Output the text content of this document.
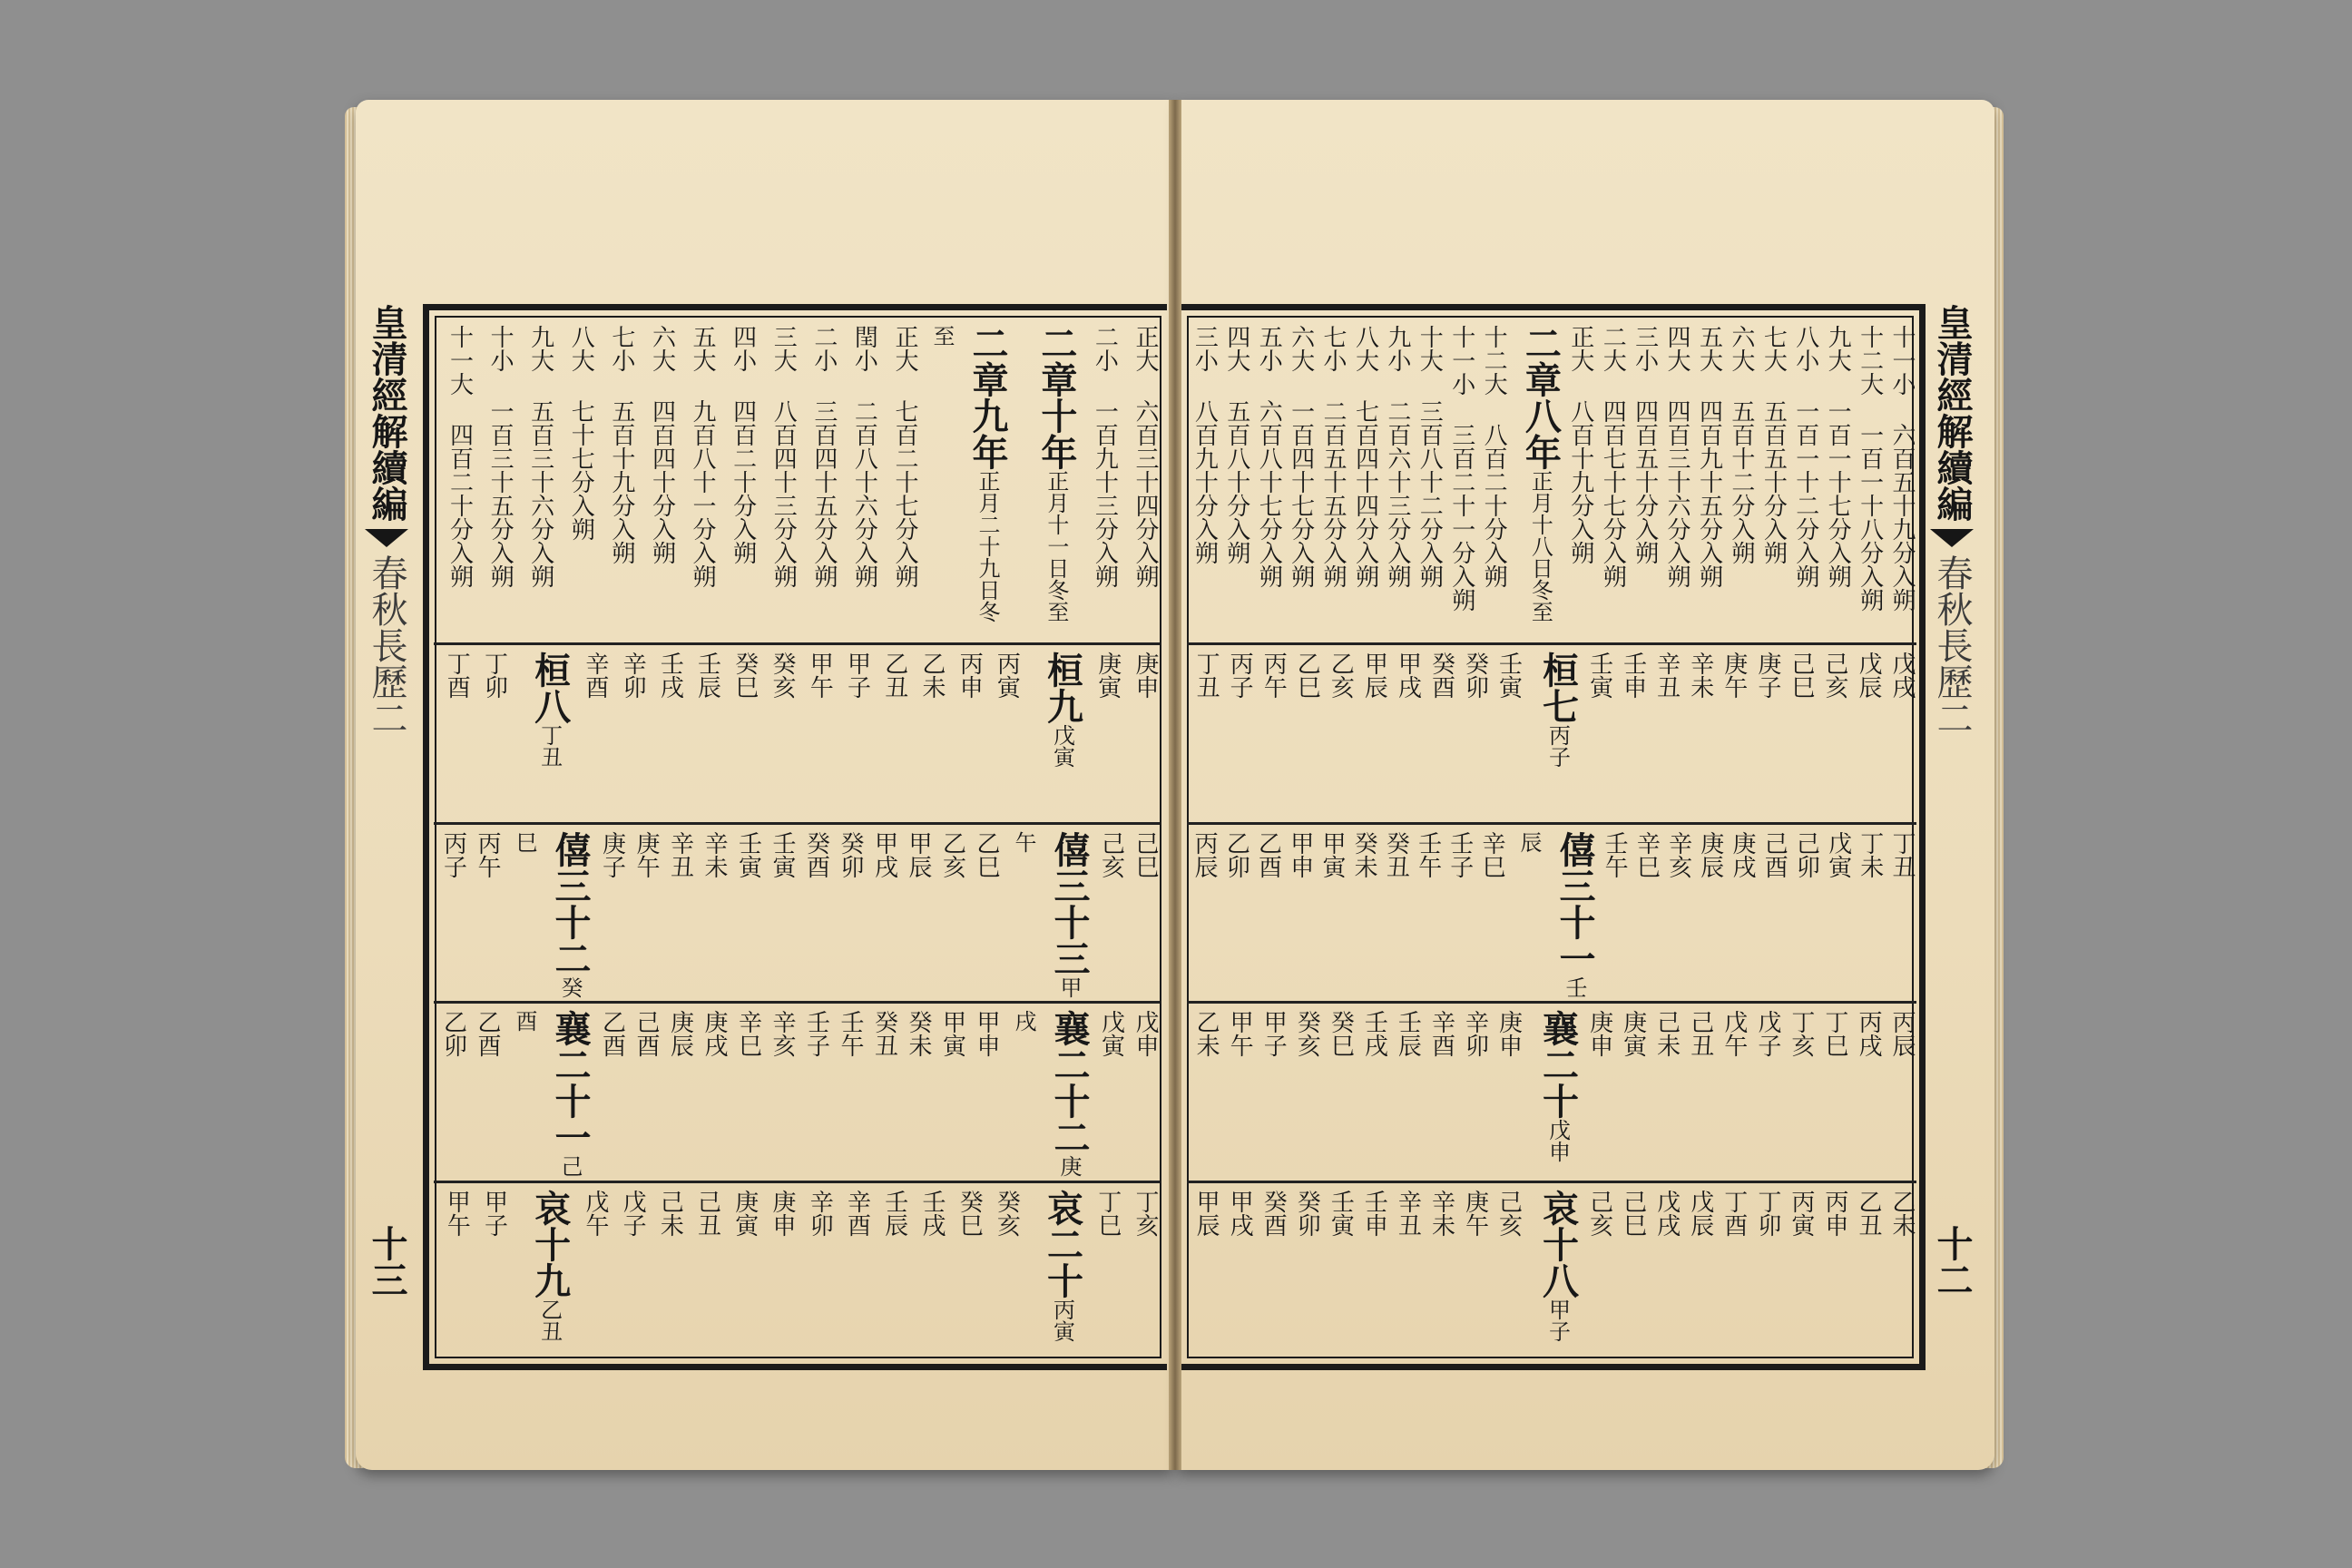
皇清經解續編
春秋長歷二
十三
皇清經解續編
春秋長歷二
十二
正大 六百三十四分入朔
二小 一百九十三分入朔
二章十年正月十一日冬至
二章九年正月二十九日冬至
正大 七百二十七分入朔
閏小 二百八十六分入朔
二小 三百四十五分入朔
三大 八百四十三分入朔
四小 四百二十分入朔
五大 九百八十一分入朔
六大 四百四十分入朔
七小 五百十九分入朔
八大 七十七分入朔
九大 五百三十六分入朔
十小 一百三十五分入朔
十一大 四百二十分入朔
庚申
庚寅
桓九戊寅
丙寅
丙申
乙未
乙丑
甲子
甲午
癸亥
癸巳
壬辰
壬戌
辛卯
辛酉
桓八丁丑
丁卯
丁酉
己巳
己亥
僖三十三甲午
乙巳
乙亥
甲辰
甲戌
癸卯
癸酉
壬寅
壬寅
辛未
辛丑
庚午
庚子
僖三十二癸巳
丙午
丙子
戊申
戊寅
襄二十二庚戌
甲申
甲寅
癸未
癸丑
壬午
壬子
辛亥
辛巳
庚戌
庚辰
己酉
乙酉
襄二十一己酉
乙酉
乙卯
丁亥
丁巳
哀二十丙寅
癸亥
癸巳
壬戌
壬辰
辛酉
辛卯
庚申
庚寅
己丑
己未
戊子
戊午
哀十九乙丑
甲子
甲午
十一小 六百五十九分入朔
十二大 一百一十八分入朔
九大 一百一十七分入朔
八小 一百一十二分入朔
七大 五百五十分入朔
六大 五百十二分入朔
五大 四百九十五分入朔
四大 四百三十六分入朔
三小 四百五十分入朔
二大 四百七十七分入朔
正大 八百十九分入朔
二章八年正月十八日冬至
十二大 八百二十分入朔
十一小 三百二十一分入朔
十大 三百八十二分入朔
九小 二百六十三分入朔
八大 七百四十四分入朔
七小 二百五十五分入朔
六大 一百四十七分入朔
五小 六百八十七分入朔
四大 五百八十分入朔
三小 八百九十分入朔
戊戌
戊辰
己亥
己巳
庚子
庚午
辛未
辛丑
壬申
壬寅
桓七丙子
壬寅
癸卯
癸酉
甲戌
甲辰
乙亥
乙巳
丙午
丙子
丁丑
丁丑
丁未
戊寅
己卯
己酉
庚戌
庚辰
辛亥
辛巳
壬午
僖三十一壬辰
辛巳
壬子
壬午
癸丑
癸未
甲寅
甲申
乙酉
乙卯
丙辰
丙辰
丙戌
丁巳
丁亥
戊子
戊午
己丑
己未
庚寅
庚申
襄二十戊申
庚申
辛卯
辛酉
壬辰
壬戌
癸巳
癸亥
甲子
甲午
乙未
乙未
乙丑
丙申
丙寅
丁卯
丁酉
戊辰
戊戌
己巳
己亥
哀十八甲子
己亥
庚午
辛未
辛丑
壬申
壬寅
癸卯
癸酉
甲戌
甲辰
